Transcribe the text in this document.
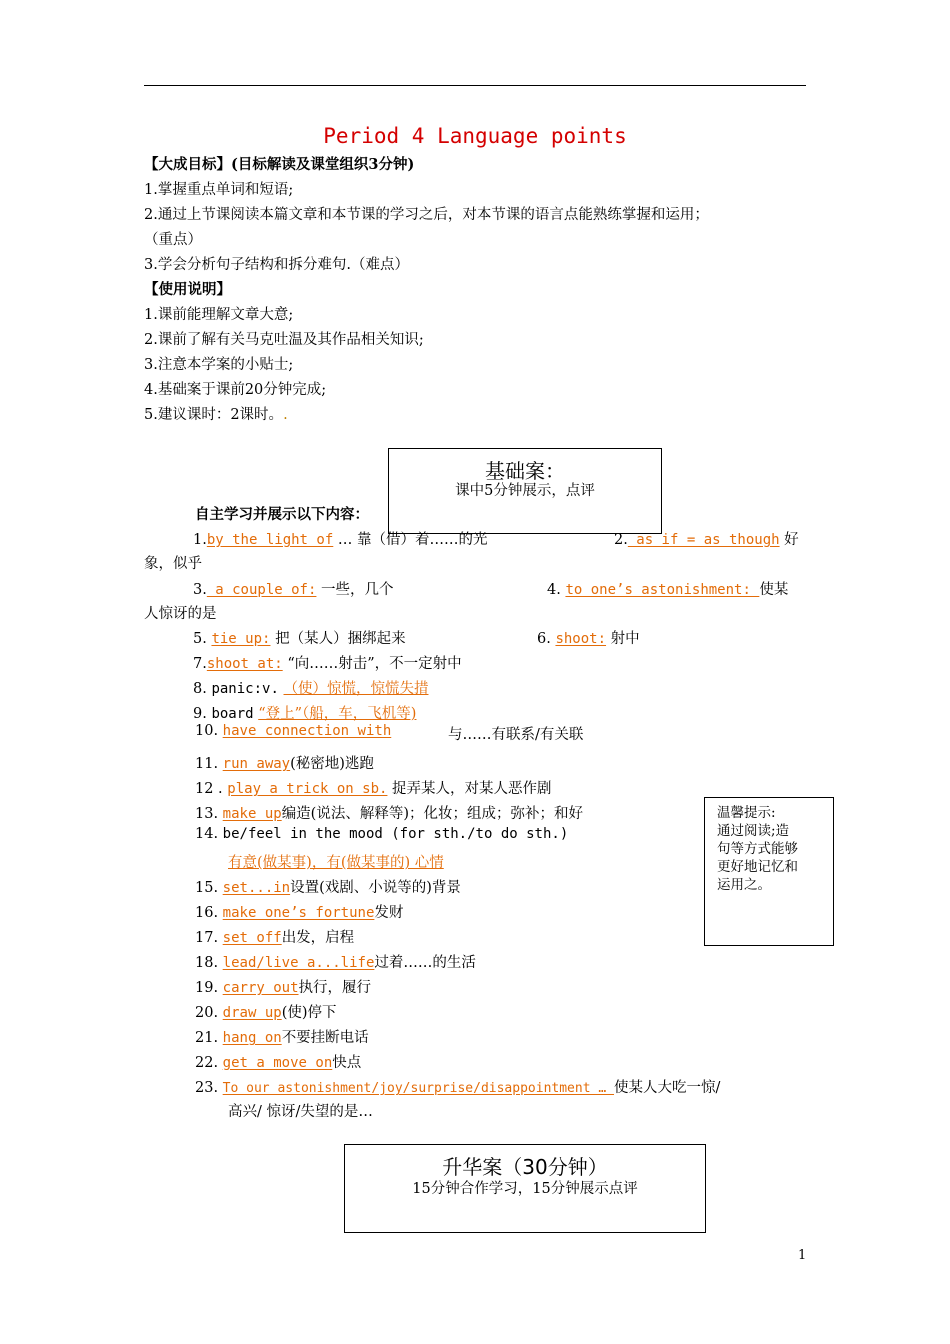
Period 4 Language points
【大成目标】(目标解读及课堂组织3分钟)
1.掌握重点单词和短语;
2.通过上节课阅读本篇文章和本节课的学习之后，对本节课的语言点能熟练掌握和运用；
（重点）
3.学会分析句子结构和拆分难句.（难点）
【使用说明】
1.课前能理解文章大意;
2.课前了解有关马克吐温及其作品相关知识;
3.注意本学案的小贴士;
4.基础案于课前20分钟完成;
5.建议课时：2课时。.
基础案：
课中5分钟展示，点评
自主学习并展示以下内容：
1.by the light of … 靠（借）着……的光	2. as if = as though 好
象，似乎
3. a couple of: 一些，几个	4. to one’s astonishment: 使某
人惊讶的是
5. tie up: 把（某人）捆绑起来	6. shoot: 射中
7.shoot at: “向……射击”，不一定射中
8. panic:v. （使）惊慌，惊慌失措
9. board “登上”（船，车，飞机等)
10. have connection with	与……有联系/有关联
11. run away(秘密地)逃跑
12 . play a trick on sb. 捉弄某人，对某人恶作剧
13. make up编造(说法、解释等)；化妆；组成；弥补；和好
14. be/feel in the mood (for sth./to do sth.)
有意(做某事)，有(做某事的) 心情
15. set...in设置(戏剧、小说等的)背景
16. make one’s fortune发财
17. set off出发，启程
18. lead/live a...life过着……的生活
19. carry out执行，履行
20. draw up(使)停下
21. hang on不要挂断电话
22. get a move on快点
23. To our astonishment/joy/surprise/disappointment … 使某人大吃一惊/
高兴/ 惊讶/失望的是…
温馨提示:
通过阅读;造
句等方式能够
更好地记忆和
运用之。
升华案（30分钟）
15分钟合作学习，15分钟展示点评
1
